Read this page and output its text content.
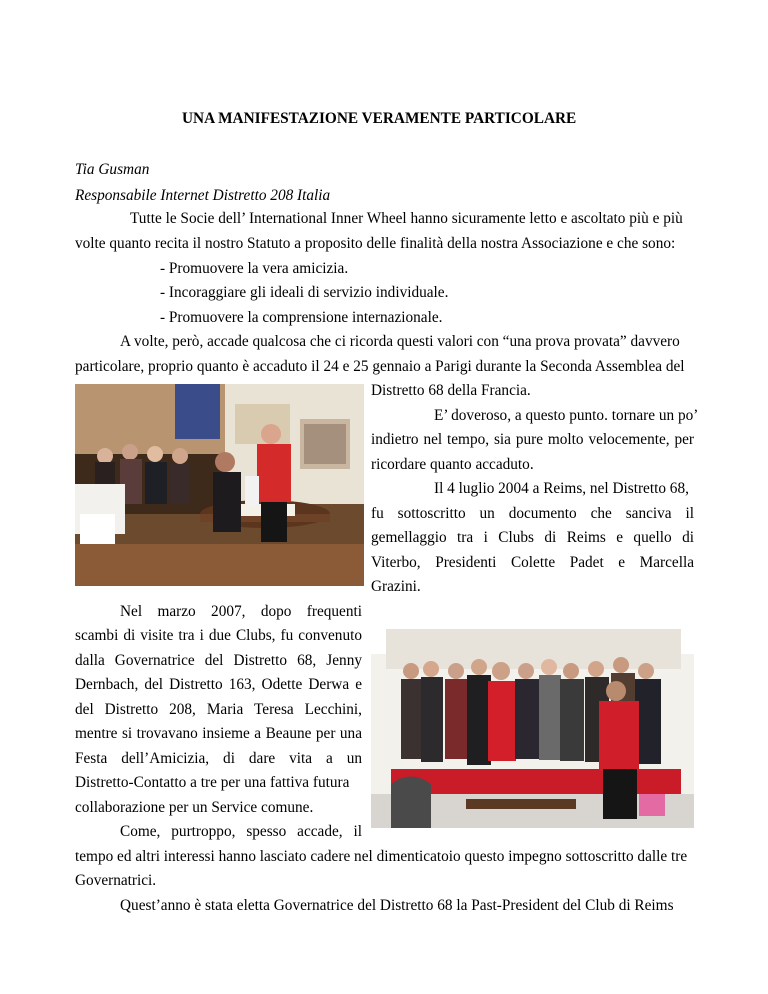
UNA MANIFESTAZIONE VERAMENTE PARTICOLARE
Tia Gusman
Responsabile Internet Distretto 208 Italia
Tutte le Socie dell’ International Inner Wheel hanno sicuramente letto e ascoltato più e più
volte quanto recita il nostro Statuto a proposito delle finalità della nostra Associazione e che sono:
- Promuovere la vera amicizia.
- Incoraggiare gli ideali di servizio individuale.
- Promuovere la comprensione internazionale.
A volte, però, accade qualcosa che ci ricorda questi valori con “una prova provata” davvero
particolare, proprio quanto è accaduto il 24 e 25 gennaio a Parigi durante la Seconda Assemblea del
Distretto 68 della Francia.
E’ doveroso, a questo punto. tornare un po’
indietro nel tempo, sia pure molto velocemente, per
ricordare quanto accaduto.
Il 4 luglio 2004 a Reims, nel Distretto 68,
fu sottoscritto un documento che sanciva il
gemellaggio tra i Clubs di Reims e quello di
Viterbo, Presidenti Colette Padet e Marcella
Grazini.
Nel marzo 2007, dopo frequenti
scambi di visite tra i due Clubs, fu convenuto
dalla Governatrice del Distretto 68, Jenny
Dernbach, del Distretto 163, Odette Derwa e
del Distretto 208, Maria Teresa Lecchini,
mentre si trovavano insieme a Beaune per una
Festa dell’Amicizia, di dare vita a un
Distretto-Contatto a tre per una fattiva futura
collaborazione per un Service comune.
Come, purtroppo, spesso accade, il
tempo ed altri interessi hanno lasciato cadere nel dimenticatoio questo impegno sottoscritto dalle tre
Governatrici.
Quest’anno è stata eletta Governatrice del Distretto 68 la Past-President del Club di Reims
